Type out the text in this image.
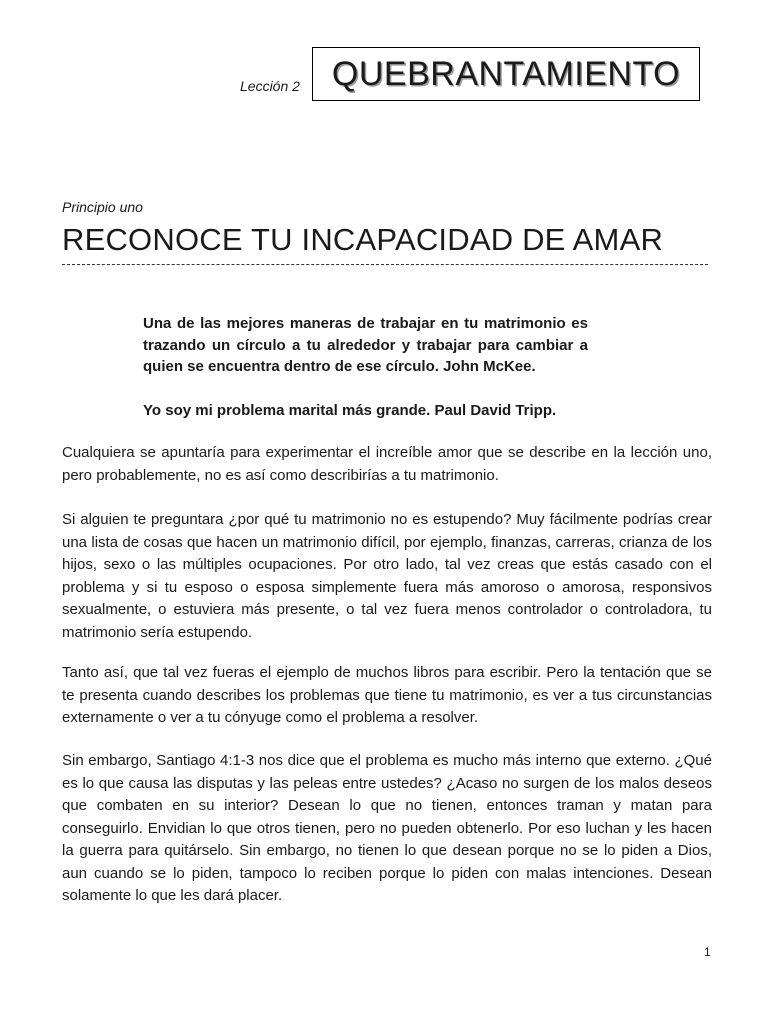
Lección 2 QUEBRANTAMIENTO
Principio uno
RECONOCE TU INCAPACIDAD DE AMAR
Una de las mejores maneras de trabajar en tu matrimonio es trazando un círculo a tu alrededor y trabajar para cambiar a quien se encuentra dentro de ese círculo. John McKee.
Yo soy mi problema marital más grande. Paul David Tripp.

Cualquiera se apuntaría para experimentar el increíble amor que se describe en la lección uno, pero probablemente, no es así como describirías a tu matrimonio.

Si alguien te preguntara ¿por qué tu matrimonio no es estupendo? Muy fácilmente podrías crear una lista de cosas que hacen un matrimonio difícil, por ejemplo, finanzas, carreras, crianza de los hijos, sexo o las múltiples ocupaciones. Por otro lado, tal vez creas que estás casado con el problema y si tu esposo o esposa simplemente fuera más amoroso o amorosa, responsivos sexualmente, o estuviera más presente, o tal vez fuera menos controlador o controladora, tu matrimonio sería estupendo.

Tanto así, que tal vez fueras el ejemplo de muchos libros para escribir. Pero la tentación que se te presenta cuando describes los problemas que tiene tu matrimonio, es ver a tus circunstancias externamente o ver a tu cónyuge como el problema a resolver.

Sin embargo, Santiago 4:1-3 nos dice que el problema es mucho más interno que externo. ¿Qué es lo que causa las disputas y las peleas entre ustedes? ¿Acaso no surgen de los malos deseos que combaten en su interior? Desean lo que no tienen, entonces traman y matan para conseguirlo. Envidian lo que otros tienen, pero no pueden obtenerlo. Por eso luchan y les hacen la guerra para quitárselo. Sin embargo, no tienen lo que desean porque no se lo piden a Dios, aun cuando se lo piden, tampoco lo reciben porque lo piden con malas intenciones. Desean solamente lo que les dará placer.

1
